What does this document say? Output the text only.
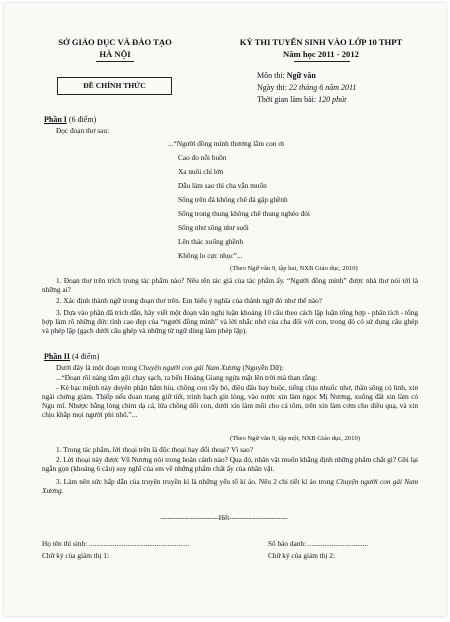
SỞ GIÁO DỤC VÀ ĐÀO TẠO
HÀ NỘI
KỲ THI TUYỂN SINH VÀO LỚP 10 THPT
Năm học 2011 - 2012
ĐỀ CHÍNH THỨC
Môn thi: Ngữ văn
Ngày thi: 22 tháng 6 năm 2011
Thời gian làm bài: 120 phút
Phần I (6 điểm)
Đọc đoạn thơ sau:
...“Người đồng mình thương lắm con ơi
Cao đo nỗi buồn
Xa nuôi chí lớn
Dẫu làm sao thì cha vẫn muốn
Sống trên đá không chê đá gập ghềnh
Sống trong thung không chê thung nghèo đói
Sống như sông như suối
Lên thác xuống ghềnh
Không lo cực nhọc”...
(Theo Ngữ văn 9, tập hai, NXB Giáo dục, 2010)
1. Đoạn thơ trên trích trong tác phẩm nào? Nêu tên tác giả của tác phẩm ấy. “Người đồng mình” được nhà thơ nói tới là những ai?
2. Xác định thành ngữ trong đoạn thơ trên. Em hiểu ý nghĩa của thành ngữ đó như thế nào?
3. Dựa vào phần đã trích dẫn, hãy viết một đoạn văn nghị luận khoảng 10 câu theo cách lập luận tổng hợp - phân tích - tổng hợp làm rõ những đức tính cao đẹp của “người đồng mình” và lời nhắc nhở của cha đối với con, trong đó có sử dụng câu ghép và phép lặp (gạch dưới câu ghép và những từ ngữ dùng làm phép lặp).
Phần II (4 điểm)
Dưới đây là một đoạn trong Chuyện người con gái Nam Xương (Nguyễn Dữ):
...“Đoạn rồi nàng tắm gội chay sạch, ra bến Hoàng Giang ngửa mặt lên trời mà than rằng:
- Kẻ bạc mệnh này duyên phận hẩm hiu, chồng con rẫy bỏ, điều đâu bay buộc, tiếng chịu nhuốc nhơ, thần sông có linh, xin ngài chứng giám. Thiếp nếu đoan trang giữ tiết, trinh bạch gìn lòng, vào nước xin làm ngọc Mị Nương, xuống đất xin làm cỏ Ngu mĩ. Nhược bằng lòng chim dạ cá, lừa chồng dối con, dưới xin làm mồi cho cá tôm, trên xin làm cơm cho diều quạ, và xin chịu khắp mọi người phỉ nhổ.”...
(Theo Ngữ văn 9, tập một, NXB Giáo dục, 2010)
1. Trong tác phẩm, lời thoại trên là độc thoại hay đối thoại? Vì sao?
2. Lời thoại này được Vũ Nương nói trong hoàn cảnh nào? Qua đó, nhân vật muốn khẳng định những phẩm chất gì? Ghi lại ngắn gọn (khoảng 6 câu) suy nghĩ của em về những phẩm chất ấy của nhân vật.
3. Làm nên sức hấp dẫn của truyện truyền kì là những yếu tố kì ảo. Nêu 2 chi tiết kì ảo trong Chuyện người con gái Nam Xương.
------------------------Hết------------------------
Họ tên thí sinh: .......................................................	Số báo danh: .................................
Chữ ký của giám thị 1:	Chữ ký của giám thị 2:
